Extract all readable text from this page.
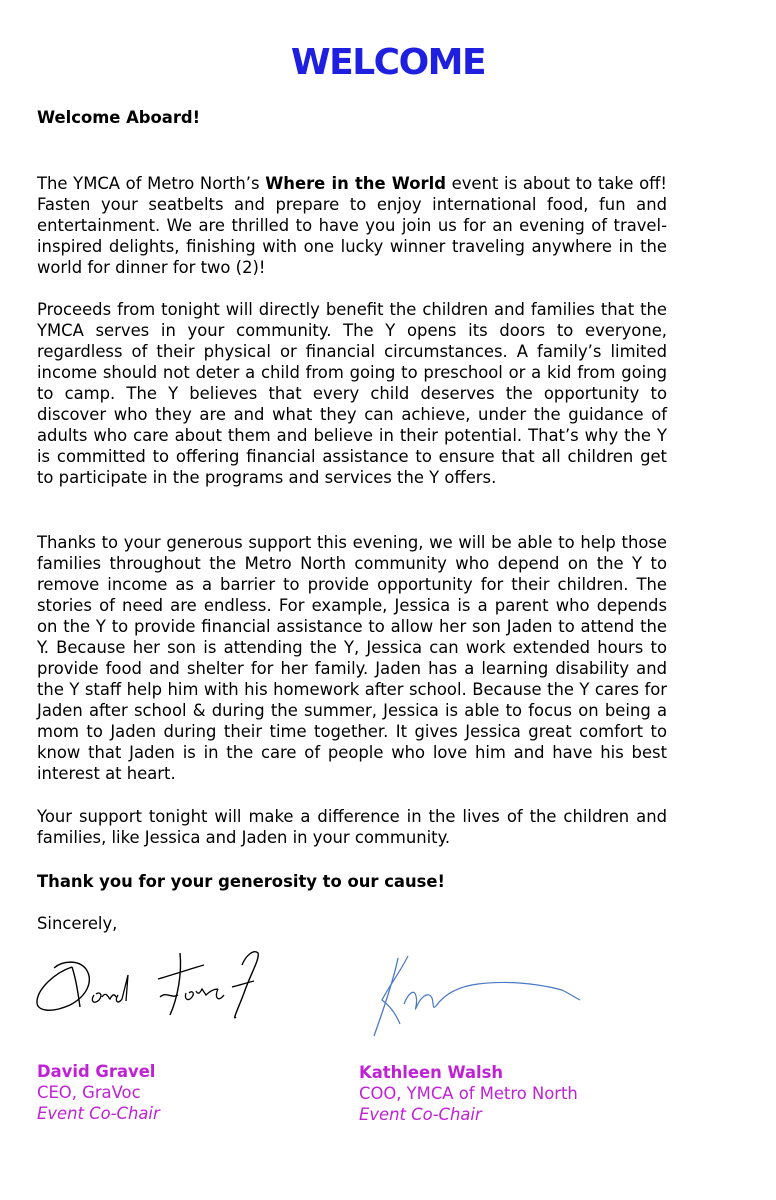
WELCOME
Welcome Aboard!
The YMCA of Metro North’s Where in the World event is about to take off! Fasten your seatbelts and prepare to enjoy international food, fun and entertainment. We are thrilled to have you join us for an evening of travel-inspired delights, finishing with one lucky winner traveling anywhere in the world for dinner for two (2)!
Proceeds from tonight will directly benefit the children and families that the YMCA serves in your community. The Y opens its doors to everyone, regardless of their physical or financial circumstances. A family’s limited income should not deter a child from going to preschool or a kid from going to camp. The Y believes that every child deserves the opportunity to discover who they are and what they can achieve, under the guidance of adults who care about them and believe in their potential. That’s why the Y is committed to offering financial assistance to ensure that all children get to participate in the programs and services the Y offers.
Thanks to your generous support this evening, we will be able to help those families throughout the Metro North community who depend on the Y to remove income as a barrier to provide opportunity for their children. The stories of need are endless. For example, Jessica is a parent who depends on the Y to provide financial assistance to allow her son Jaden to attend the Y. Because her son is attending the Y, Jessica can work extended hours to provide food and shelter for her family. Jaden has a learning disability and the Y staff help him with his homework after school. Because the Y cares for Jaden after school & during the summer, Jessica is able to focus on being a mom to Jaden during their time together. It gives Jessica great comfort to know that Jaden is in the care of people who love him and have his best interest at heart.
Your support tonight will make a difference in the lives of the children and families, like Jessica and Jaden in your community.
Thank you for your generosity to our cause!
Sincerely,
David Gravel
CEO, GraVoc
Event Co-Chair
Kathleen Walsh
COO, YMCA of Metro North
Event Co-Chair
